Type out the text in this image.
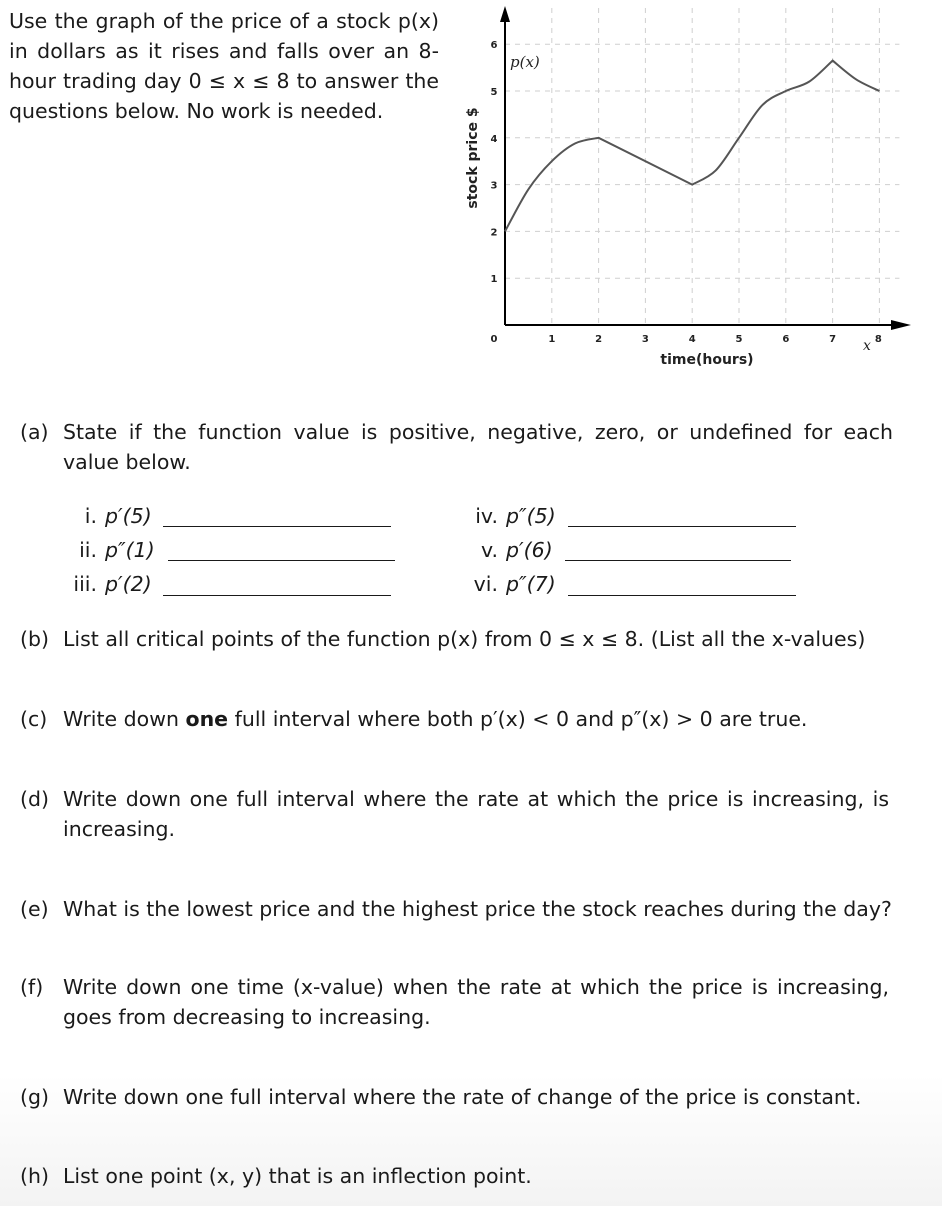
Use the graph of the price of a stock p(x) in dollars as it rises and falls over an 8-hour trading day 0 ≤ x ≤ 8 to answer the questions below. No work is needed.
0	1	2	3	4	5	6	7	8
1
2
3
4
5
6
time(hours)
stock price $
x
p(x)
(a) State if the function value is positive, negative, zero, or undefined for each value below.
i. p′(5)
ii. p″(1)
iii. p′(2)
iv. p″(5)
v. p′(6)
vi. p″(7)
(b) List all critical points of the function p(x) from 0 ≤ x ≤ 8. (List all the x-values)
(c) Write down one full interval where both p′(x) < 0 and p″(x) > 0 are true.
(d) Write down one full interval where the rate at which the price is increasing, is increasing.
(e) What is the lowest price and the highest price the stock reaches during the day?
(f) Write down one time (x-value) when the rate at which the price is increasing, goes from decreasing to increasing.
(g) Write down one full interval where the rate of change of the price is constant.
(h) List one point (x, y) that is an inflection point.
